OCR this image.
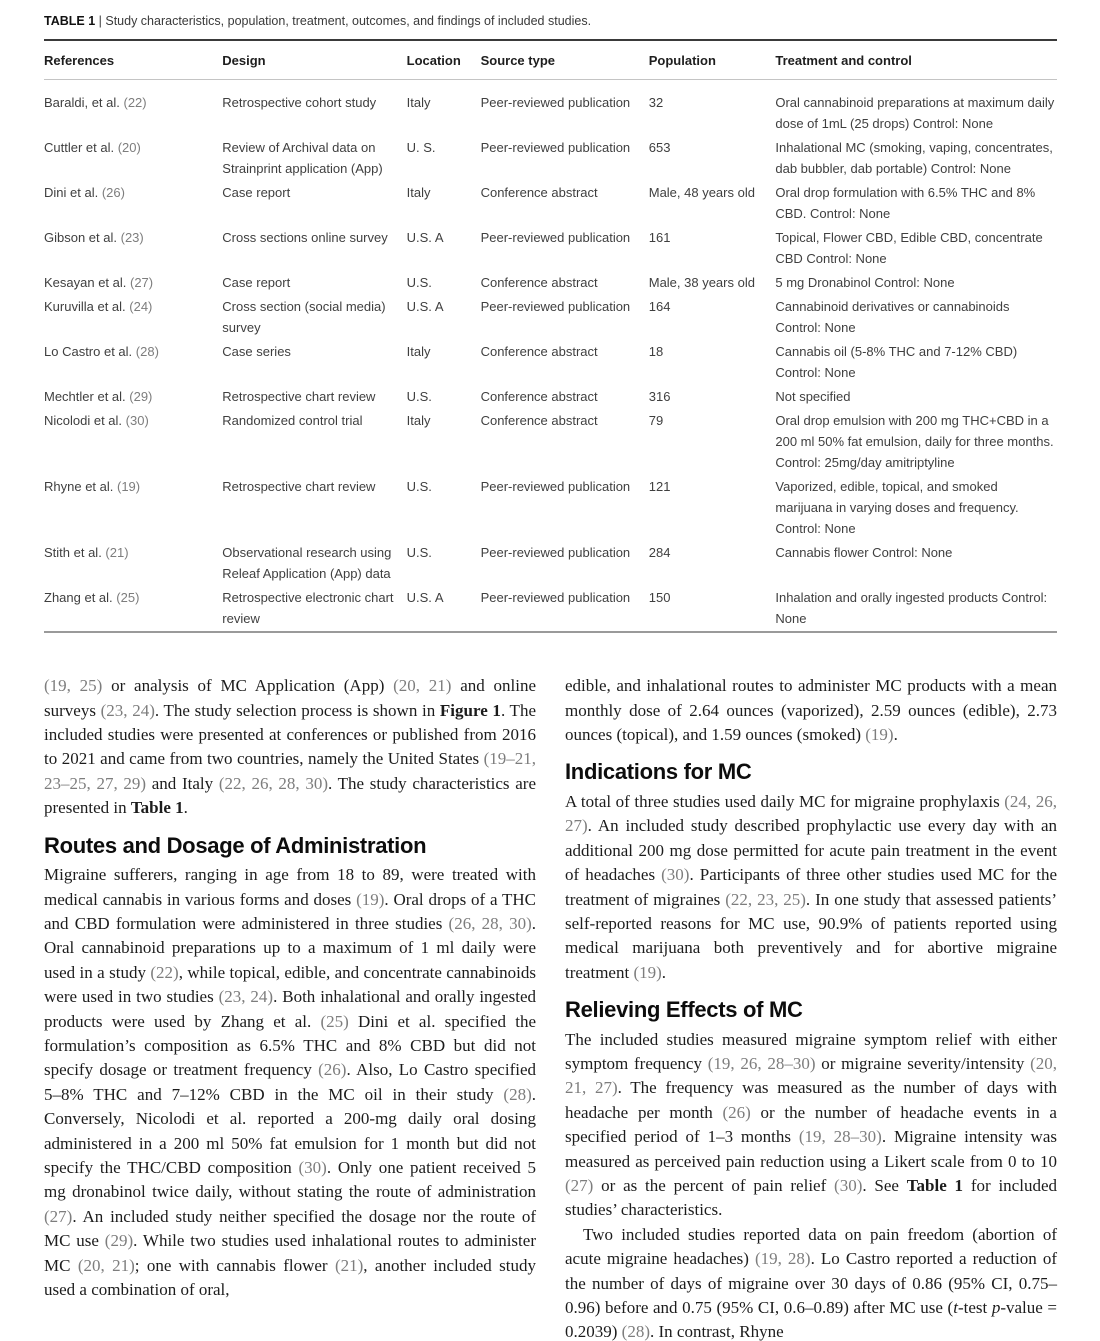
TABLE 1 | Study characteristics, population, treatment, outcomes, and findings of included studies.

References	Design	Location	Source type	Population	Treatment and control
Baraldi, et al. (22)	Retrospective cohort study	Italy	Peer-reviewed publication	32	Oral cannabinoid preparations at maximum daily dose of 1mL (25 drops) Control: None
Cuttler et al. (20)	Review of Archival data on Strainprint application (App)	U. S.	Peer-reviewed publication	653	Inhalational MC (smoking, vaping, concentrates, dab bubbler, dab portable) Control: None
Dini et al. (26)	Case report	Italy	Conference abstract	Male, 48 years old	Oral drop formulation with 6.5% THC and 8% CBD. Control: None
Gibson et al. (23)	Cross sections online survey	U.S. A	Peer-reviewed publication	161	Topical, Flower CBD, Edible CBD, concentrate CBD Control: None
Kesayan et al. (27)	Case report	U.S.	Conference abstract	Male, 38 years old	5 mg Dronabinol Control: None
Kuruvilla et al. (24)	Cross section (social media) survey	U.S. A	Peer-reviewed publication	164	Cannabinoid derivatives or cannabinoids Control: None
Lo Castro et al. (28)	Case series	Italy	Conference abstract	18	Cannabis oil (5-8% THC and 7-12% CBD) Control: None
Mechtler et al. (29)	Retrospective chart review	U.S.	Conference abstract	316	Not specified
Nicolodi et al. (30)	Randomized control trial	Italy	Conference abstract	79	Oral drop emulsion with 200 mg THC+CBD in a 200 ml 50% fat emulsion, daily for three months. Control: 25mg/day amitriptyline
Rhyne et al. (19)	Retrospective chart review	U.S.	Peer-reviewed publication	121	Vaporized, edible, topical, and smoked marijuana in varying doses and frequency. Control: None
Stith et al. (21)	Observational research using Releaf Application (App) data	U.S.	Peer-reviewed publication	284	Cannabis flower Control: None
Zhang et al. (25)	Retrospective electronic chart review	U.S. A	Peer-reviewed publication	150	Inhalation and orally ingested products Control: None

(19, 25) or analysis of MC Application (App) (20, 21) and online surveys (23, 24). The study selection process is shown in Figure 1. The included studies were presented at conferences or published from 2016 to 2021 and came from two countries, namely the United States (19–21, 23–25, 27, 29) and Italy (22, 26, 28, 30). The study characteristics are presented in Table 1.

Routes and Dosage of Administration

Migraine sufferers, ranging in age from 18 to 89, were treated with medical cannabis in various forms and doses (19). Oral drops of a THC and CBD formulation were administered in three studies (26, 28, 30). Oral cannabinoid preparations up to a maximum of 1 ml daily were used in a study (22), while topical, edible, and concentrate cannabinoids were used in two studies (23, 24). Both inhalational and orally ingested products were used by Zhang et al. (25) Dini et al. specified the formulation’s composition as 6.5% THC and 8% CBD but did not specify dosage or treatment frequency (26). Also, Lo Castro specified 5–8% THC and 7–12% CBD in the MC oil in their study (28). Conversely, Nicolodi et al. reported a 200-mg daily oral dosing administered in a 200 ml 50% fat emulsion for 1 month but did not specify the THC/CBD composition (30). Only one patient received 5 mg dronabinol twice daily, without stating the route of administration (27). An included study neither specified the dosage nor the route of MC use (29). While two studies used inhalational routes to administer MC (20, 21); one with cannabis flower (21), another included study used a combination of oral,

edible, and inhalational routes to administer MC products with a mean monthly dose of 2.64 ounces (vaporized), 2.59 ounces (edible), 2.73 ounces (topical), and 1.59 ounces (smoked) (19).

Indications for MC

A total of three studies used daily MC for migraine prophylaxis (24, 26, 27). An included study described prophylactic use every day with an additional 200 mg dose permitted for acute pain treatment in the event of headaches (30). Participants of three other studies used MC for the treatment of migraines (22, 23, 25). In one study that assessed patients’ self-reported reasons for MC use, 90.9% of patients reported using medical marijuana both preventively and for abortive migraine treatment (19).

Relieving Effects of MC

The included studies measured migraine symptom relief with either symptom frequency (19, 26, 28–30) or migraine severity/intensity (20, 21, 27). The frequency was measured as the number of days with headache per month (26) or the number of headache events in a specified period of 1–3 months (19, 28–30). Migraine intensity was measured as perceived pain reduction using a Likert scale from 0 to 10 (27) or as the percent of pain relief (30). See Table 1 for included studies’ characteristics.

Two included studies reported data on pain freedom (abortion of acute migraine headaches) (19, 28). Lo Castro reported a reduction of the number of days of migraine over 30 days of 0.86 (95% CI, 0.75–0.96) before and 0.75 (95% CI, 0.6–0.89) after MC use (t-test p-value = 0.2039) (28). In contrast, Rhyne
